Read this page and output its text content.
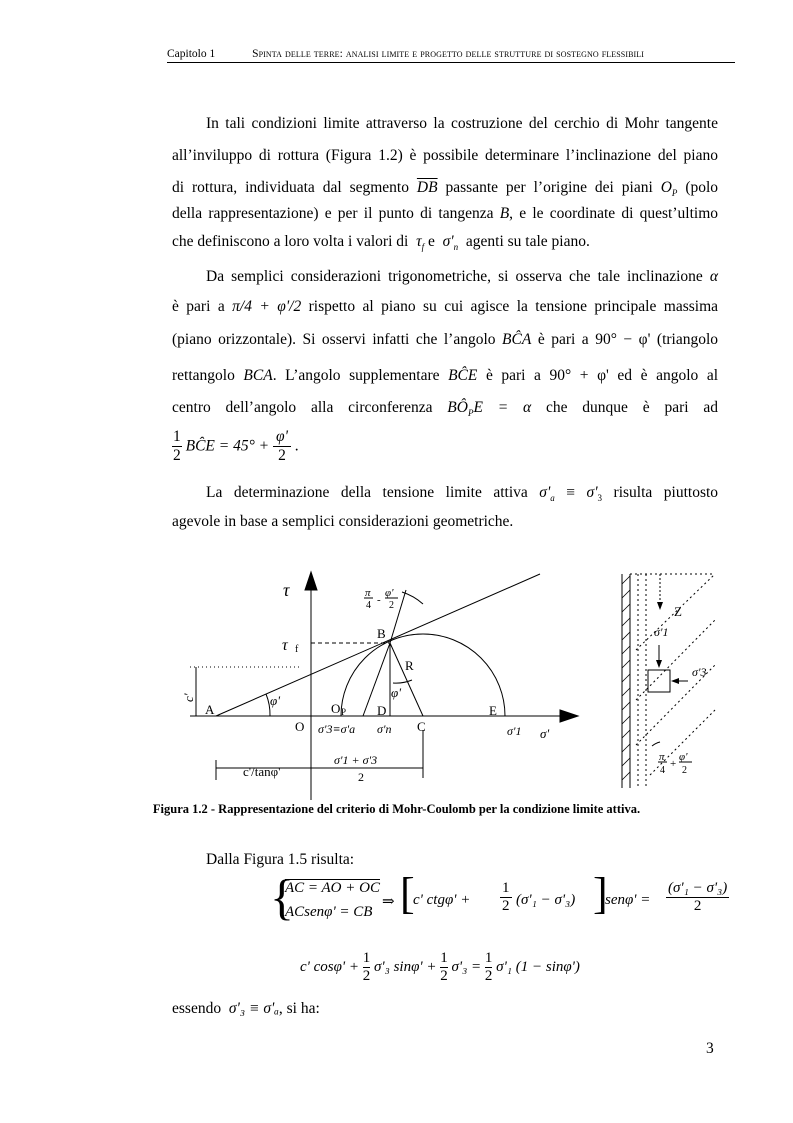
Capitolo 1	Spinta delle terre: analisi limite e progetto delle strutture di sostegno flessibili
In tali condizioni limite attraverso la costruzione del cerchio di Mohr tangente
all’inviluppo di rottura (Figura 1.2) è possibile determinare l’inclinazione del piano
di rottura, individuata dal segmento $\overline{DB}$ passante per l’origine dei piani $O_P$ (polo
della rappresentazione) e per il punto di tangenza B, e le coordinate di quest’ultimo
che definiscono a loro volta i valori di $\tau_f$ e $\sigma'_n$ agenti su tale piano.
Da semplici considerazioni trigonometriche, si osserva che tale inclinazione α
è pari a π/4 + φ'/2 rispetto al piano su cui agisce la tensione principale massima
(piano orizzontale). Si osservi infatti che l’angolo BĈA è pari a 90° − φ' (triangolo
rettangolo BCA. L’angolo supplementare BĈE è pari a 90° + φ' ed è angolo al
centro dell’angolo alla circonferenza $BÔ_PE = \alpha$ che dunque è pari ad
$\frac{1}{2}$ BĈE = $45^\circ + \frac{\varphi'}{2}$ .
La determinazione della tensione limite attiva $\sigma'_a \equiv \sigma'_3$ risulta piuttosto
agevole in base a semplici considerazioni geometriche.
τ
σ'
τ f
c'
A
O
O P D
C
E
B
R
φ'
φ'
σ'3≡σ'a σ'n	σ'1
c'/tanφ'
σ'1 + σ'3
2
π
4 -
φ'
2	Z
σ'1
σ'3
π
4
+
φ'
2
Figura 1.2 - Rappresentazione del criterio di Mohr-Coulomb per la condizione limite attiva.
Dalla Figura 1.5 risulta:
{
AC = AO + OC
ACsenφ' = CB
⇒ [
c' ctgφ' +
1
2 (σ'₁ − σ'₃) ]
senφ' =
(σ'₁ − σ'₃)
2
c' $\cos\varphi' + \frac{1}{2} \sigma'_3$ $\sin\varphi' + \frac{1}{2} \sigma'_3 = \frac{1}{2} \sigma'_1$ (1 − sinφ')
essendo σ'₃ ≡ σ'ₐ, si ha:
3
